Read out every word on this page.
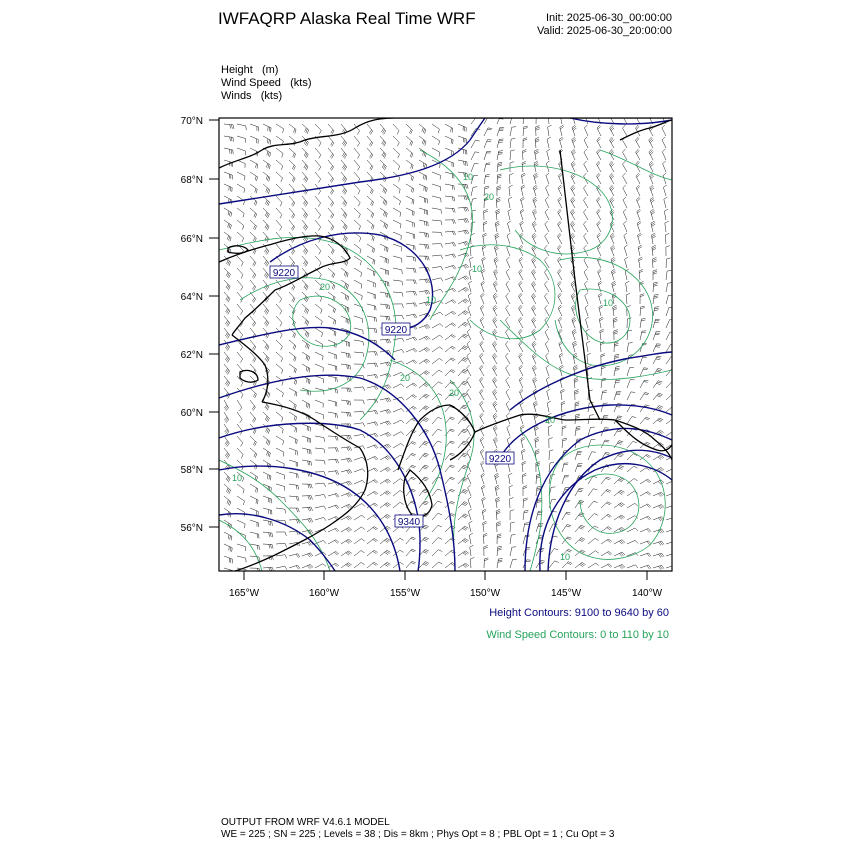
IWFAQRP Alaska Real Time WRF	Init: 2025-06-30_00:00:00
Valid: 2025-06-30_20:00:00
Height   (m)
Wind Speed   (kts)
Winds   (kts)
9220
9220
9220
9340
20
10
20
10	10
20
20
20
10
10
10
70°N
68°N
66°N
64°N
62°N
60°N
58°N
56°N
165°W	160°W	155°W	150°W	145°W	140°W
Height Contours: 9100 to 9640 by 60
Wind Speed Contours: 0 to 110 by 10
OUTPUT FROM WRF V4.6.1 MODEL
WE = 225 ; SN = 225 ; Levels = 38 ; Dis = 8km ; Phys Opt = 8 ; PBL Opt = 1 ; Cu Opt = 3
